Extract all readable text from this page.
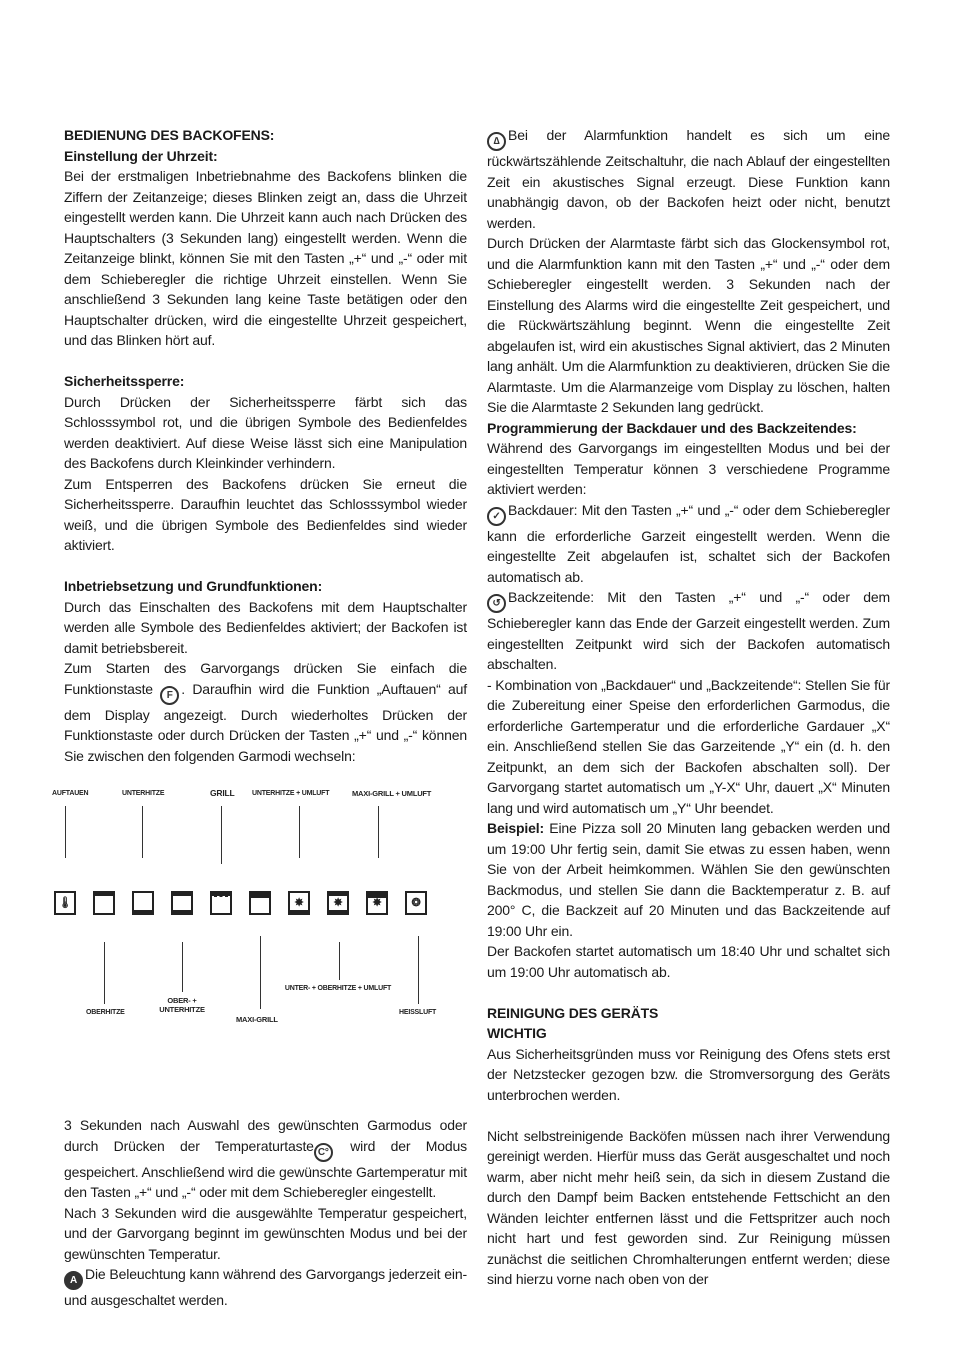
BEDIENUNG DES BACKOFENS:

Einstellung der Uhrzeit:

Bei der erstmaligen Inbetriebnahme des Backofens blinken die Ziffern der Zeitanzeige; dieses Blinken zeigt an, dass die Uhrzeit eingestellt werden kann. Die Uhrzeit kann auch nach Drücken des Hauptschalters (3 Sekunden lang) eingestellt werden. Wenn die Zeitanzeige blinkt, können Sie mit den Tasten „+“ und „-“ oder mit dem Schieberegler die richtige Uhrzeit einstellen. Wenn Sie anschließend 3 Sekunden lang keine Taste betätigen oder den Hauptschalter drücken, wird die eingestellte Uhrzeit gespeichert, und das Blinken hört auf.

Sicherheitssperre:

Durch Drücken der Sicherheitssperre färbt sich das Schlosssymbol rot, und die übrigen Symbole des Bedienfeldes werden deaktiviert. Auf diese Weise lässt sich eine Manipulation des Backofens durch Kleinkinder verhindern.

Zum Entsperren des Backofens drücken Sie erneut die Sicherheitssperre. Daraufhin leuchtet das Schlosssymbol wieder weiß, und die übrigen Symbole des Bedienfeldes sind wieder aktiviert.

Inbetriebsetzung und Grundfunktionen:

Durch das Einschalten des Backofens mit dem Hauptschalter werden alle Symbole des Bedienfeldes aktiviert; der Backofen ist damit betriebsbereit.

Zum Starten des Garvorgangs drücken Sie einfach die Funktionstaste F . Daraufhin wird die Funktion „Auftauen“ auf dem Display angezeigt. Durch wiederholtes Drücken der Funktionstaste oder durch Drücken der Tasten „+“ und „-“ können Sie zwischen den folgenden Garmodi wechseln:

AUFTAUEN	UNTERHITZE	GRILL	UNTERHITZE + UMLUFT	MAXI-GRILL + UMLUFT
🌡︎	✸	✸	✸	❂
OBERHITZE
OBER- + UNTERHITZE
MAXI-GRILL
UNTER- + OBERHITZE + UMLUFT
HEISSLUFT

3 Sekunden nach Auswahl des gewünschten Garmodus oder durch Drücken der Temperaturtaste C° wird der Modus gespeichert. Anschließend wird die gewünschte Gartemperatur mit den Tasten „+“ und „-“ oder mit dem Schieberegler eingestellt.

Nach 3 Sekunden wird die ausgewählte Temperatur gespeichert, und der Garvorgang beginnt im gewünschten Modus und bei der gewünschten Temperatur.

A Die Beleuchtung kann während des Garvorgangs jederzeit ein- und ausgeschaltet werden.

∆ Bei der Alarmfunktion handelt es sich um eine rückwärtszählende Zeitschaltuhr, die nach Ablauf der eingestellten Zeit ein akustisches Signal erzeugt. Diese Funktion kann unabhängig davon, ob der Backofen heizt oder nicht, benutzt werden.

Durch Drücken der Alarmtaste färbt sich das Glockensymbol rot, und die Alarmfunktion kann mit den Tasten „+“ und „-“ oder dem Schieberegler eingestellt werden. 3 Sekunden nach der Einstellung des Alarms wird die eingestellte Zeit gespeichert, und die Rückwärtszählung beginnt. Wenn die eingestellte Zeit abgelaufen ist, wird ein akustisches Signal aktiviert, das 2 Minuten lang anhält. Um die Alarmfunktion zu deaktivieren, drücken Sie die Alarmtaste. Um die Alarmanzeige vom Display zu löschen, halten Sie die Alarmtaste 2 Sekunden lang gedrückt.

Programmierung der Backdauer und des Backzeitendes:

Während des Garvorgangs im eingestellten Modus und bei der eingestellten Temperatur können 3 verschiedene Programme aktiviert werden:

✓ Backdauer: Mit den Tasten „+“ und „-“ oder dem Schieberegler kann die erforderliche Garzeit eingestellt werden. Wenn die eingestellte Zeit abgelaufen ist, schaltet sich der Backofen automatisch ab.

↺ Backzeitende: Mit den Tasten „+“ und „-“ oder dem Schieberegler kann das Ende der Garzeit eingestellt werden. Zum eingestellten Zeitpunkt wird sich der Backofen automatisch abschalten.

- Kombination von „Backdauer“ und „Backzeitende“: Stellen Sie für die Zubereitung einer Speise den erforderlichen Garmodus, die erforderliche Gartemperatur und die erforderliche Gardauer „X“ ein. Anschließend stellen Sie das Garzeitende „Y“ ein (d. h. den Zeitpunkt, an dem sich der Backofen abschalten soll). Der Garvorgang startet automatisch um „Y-X“ Uhr, dauert „X“ Minuten lang und wird automatisch um „Y“ Uhr beendet.

Beispiel: Eine Pizza soll 20 Minuten lang gebacken werden und um 19:00 Uhr fertig sein, damit Sie etwas zu essen haben, wenn Sie von der Arbeit heimkommen. Wählen Sie den gewünschten Backmodus, und stellen Sie dann die Backtemperatur z. B. auf 200° C, die Backzeit auf 20 Minuten und das Backzeitende auf 19:00 Uhr ein.

Der Backofen startet automatisch um 18:40 Uhr und schaltet sich um 19:00 Uhr automatisch ab.

REINIGUNG DES GERÄTS

WICHTIG

Aus Sicherheitsgründen muss vor Reinigung des Ofens stets erst der Netzstecker gezogen bzw. die Stromversorgung des Geräts unterbrochen werden.

Nicht selbstreinigende Backöfen müssen nach ihrer Verwendung gereinigt werden. Hierfür muss das Gerät ausgeschaltet und noch warm, aber nicht mehr heiß sein, da sich in diesem Zustand die durch den Dampf beim Backen entstehende Fettschicht an den Wänden leichter entfernen lässt und die Fettspritzer auch noch nicht hart und fest geworden sind. Zur Reinigung müssen zunächst die seitlichen Chromhalterungen entfernt werden; diese sind hierzu vorne nach oben von der
